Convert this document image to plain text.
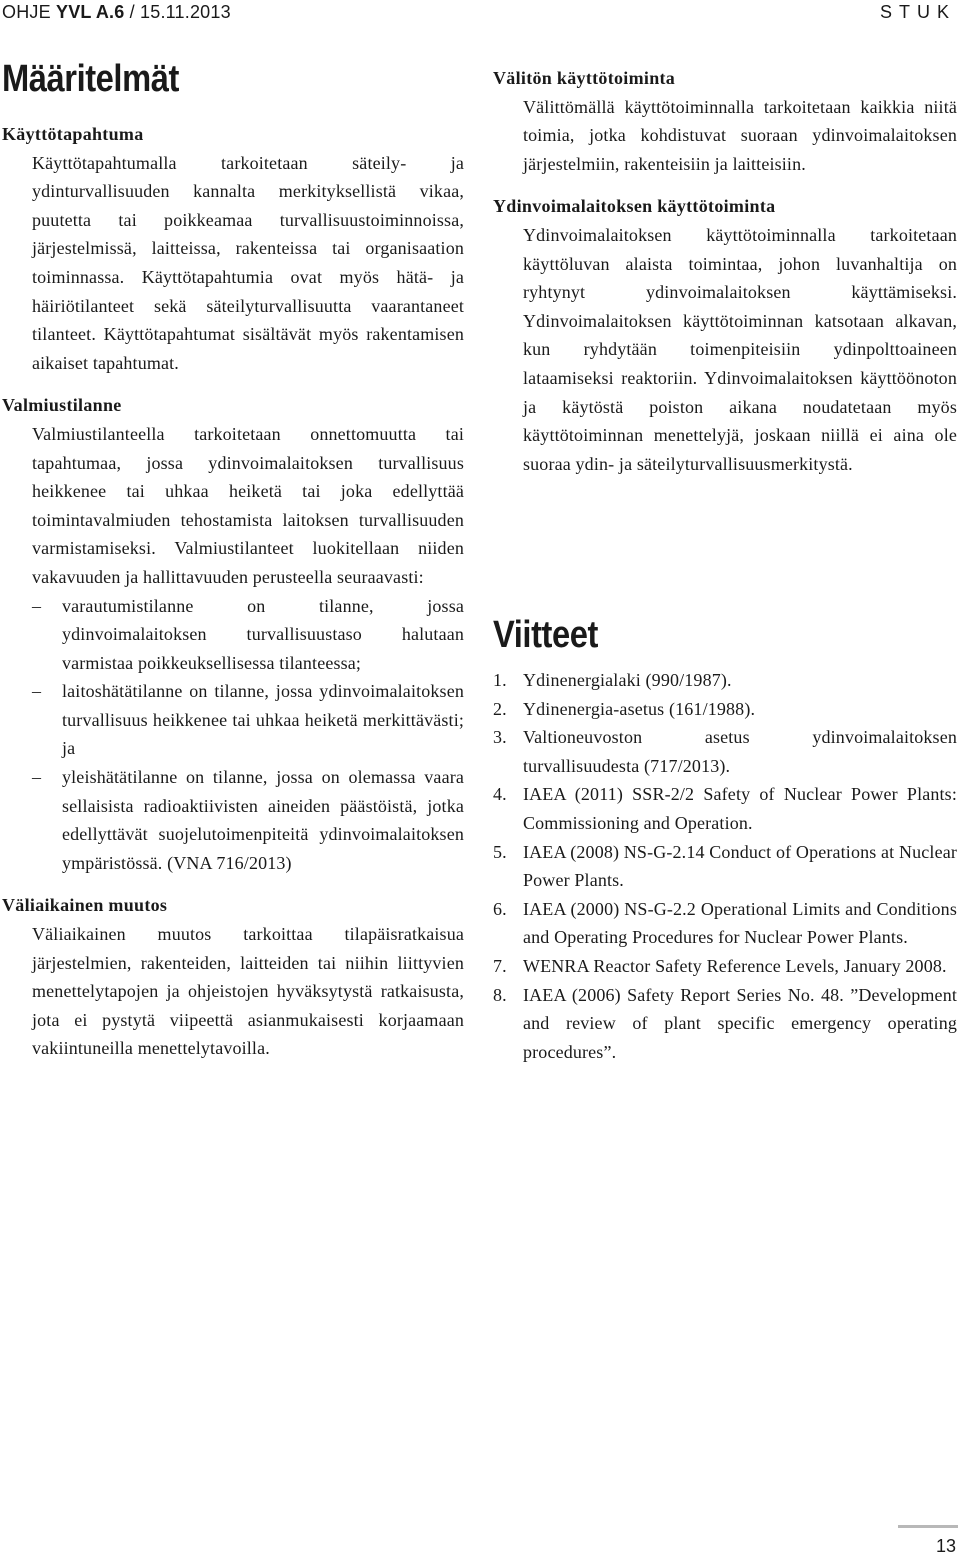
OHJE YVL A.6 / 15.11.2013	STUK
Määritelmät
Käyttötapahtuma

Käyttötapahtumalla tarkoitetaan säteily- ja ydinturvallisuuden kannalta merkityksellistä vikaa, puutetta tai poikkeamaa turvallisuustoiminnoissa, järjestelmissä, laitteissa, rakenteissa tai organisaation toiminnassa. Käyttötapahtumia ovat myös hätä- ja häiriötilanteet sekä säteilyturvallisuutta vaarantaneet tilanteet. Käyttötapahtumat sisältävät myös rakentamisen aikaiset tapahtumat.

Valmiustilanne

Valmiustilanteella tarkoitetaan onnettomuutta tai tapahtumaa, jossa ydinvoimalaitoksen turvallisuus heikkenee tai uhkaa heiketä tai joka edellyttää toimintavalmiuden tehostamista laitoksen turvallisuuden varmistamiseksi. Valmiustilanteet luokitellaan niiden vakavuuden ja hallittavuuden perusteella seuraavasti:

– varautumistilanne on tilanne, jossa ydinvoimalaitoksen turvallisuustaso halutaan varmistaa poikkeuksellisessa tilanteessa;
– laitoshätätilanne on tilanne, jossa ydinvoimalaitoksen turvallisuus heikkenee tai uhkaa heiketä merkittävästi; ja
– yleishätätilanne on tilanne, jossa on olemassa vaara sellaisista radioaktiivisten aineiden päästöistä, jotka edellyttävät suojelutoimenpiteitä ydinvoimalaitoksen ympäristössä. (VNA 716/2013)
Väliaikainen muutos

Väliaikainen muutos tarkoittaa tilapäisratkaisua järjestelmien, rakenteiden, laitteiden tai niihin liittyvien menettelytapojen ja ohjeistojen hyväksytystä ratkaisusta, jota ei pystytä viipeettä asianmukaisesti korjaamaan vakiintuneilla menettelytavoilla.

Välitön käyttötoiminta

Välittömällä käyttötoiminnalla tarkoitetaan kaikkia niitä toimia, jotka kohdistuvat suoraan ydinvoimalaitoksen järjestelmiin, rakenteisiin ja laitteisiin.

Ydinvoimalaitoksen käyttötoiminta

Ydinvoimalaitoksen käyttötoiminnalla tarkoitetaan käyttöluvan alaista toimintaa, johon luvanhaltija on ryhtynyt ydinvoimalaitoksen käyttämiseksi. Ydinvoimalaitoksen käyttötoiminnan katsotaan alkavan, kun ryhdytään toimenpiteisiin ydinpolttoaineen lataamiseksi reaktoriin. Ydinvoimalaitoksen käyttöönoton ja käytöstä poiston aikana noudatetaan myös käyttötoiminnan menettelyjä, joskaan niillä ei aina ole suoraa ydin- ja säteilyturvallisuusmerkitystä.

Viitteet
1. Ydinenergialaki (990/1987).
2. Ydinenergia-asetus (161/1988).
3. Valtioneuvoston asetus ydinvoimalaitoksen turvallisuudesta (717/2013).
4. IAEA (2011) SSR-2/2 Safety of Nuclear Power Plants: Commissioning and Operation.
5. IAEA (2008) NS-G-2.14 Conduct of Operations at Nuclear Power Plants.
6. IAEA (2000) NS-G-2.2 Operational Limits and Conditions and Operating Procedures for Nuclear Power Plants.
7. WENRA Reactor Safety Reference Levels, January 2008.
8. IAEA (2006) Safety Report Series No. 48. ”Development and review of plant specific emergency operating procedures”.
13
